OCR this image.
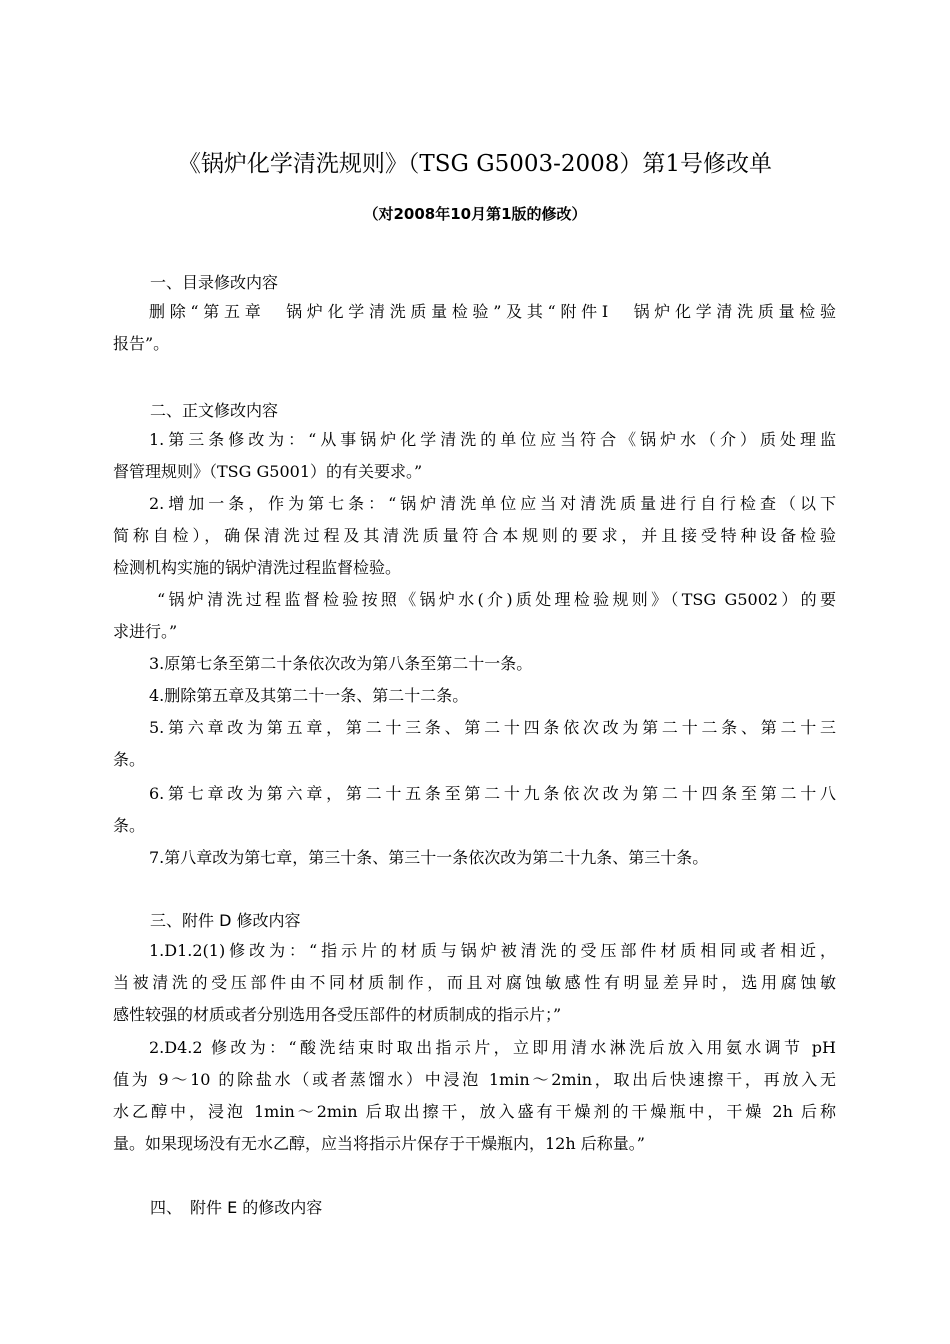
《锅炉化学清洗规则》（TSG G5003-2008）第1号修改单
（对2008年10月第1版的修改）
一、目录修改内容
删除“第五章　锅炉化学清洗质量检验”及其“附件I　锅炉化学清洗质量检验
报告”。
二、正文修改内容
1.第三条修改为：“从事锅炉化学清洗的单位应当符合《锅炉水（介）质处理监
督管理规则》（TSG G5001）的有关要求。”
2.增加一条，作为第七条：“锅炉清洗单位应当对清洗质量进行自行检查（以下
简称自检），确保清洗过程及其清洗质量符合本规则的要求，并且接受特种设备检验
检测机构实施的锅炉清洗过程监督检验。
“锅炉清洗过程监督检验按照《锅炉水(介)质处理检验规则》（TSG G5002）的要
求进行。”
3.原第七条至第二十条依次改为第八条至第二十一条。
4.删除第五章及其第二十一条、第二十二条。
5.第六章改为第五章，第二十三条、第二十四条依次改为第二十二条、第二十三
条。
6.第七章改为第六章，第二十五条至第二十九条依次改为第二十四条至第二十八
条。
7.第八章改为第七章，第三十条、第三十一条依次改为第二十九条、第三十条。
三、附件 D 修改内容
1.D1.2(1)修改为：“指示片的材质与锅炉被清洗的受压部件材质相同或者相近，
当被清洗的受压部件由不同材质制作，而且对腐蚀敏感性有明显差异时，选用腐蚀敏
感性较强的材质或者分别选用各受压部件的材质制成的指示片；”
2.D4.2 修改为：“酸洗结束时取出指示片，立即用清水淋洗后放入用氨水调节 pH
值为 9～10 的除盐水（或者蒸馏水）中浸泡 1min～2min，取出后快速擦干，再放入无
水乙醇中，浸泡 1min～2min 后取出擦干，放入盛有干燥剂的干燥瓶中，干燥 2h 后称
量。如果现场没有无水乙醇，应当将指示片保存于干燥瓶内，12h 后称量。”
四、　附件 E 的修改内容
